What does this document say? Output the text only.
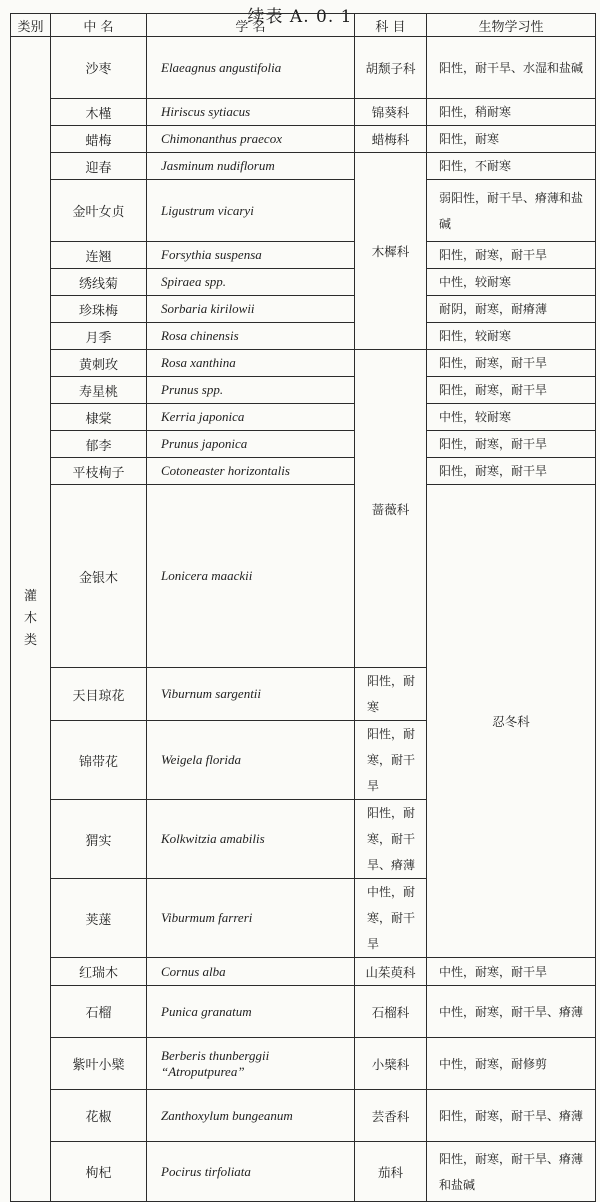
续表 A. 0. 1
类别	中 名	学 名	科 目	生物学习性	
灌木类	沙枣	Elaeagnus angustifolia	胡颓子科	阳性，耐干旱、水湿和盐碱	
	木槿	Hiriscus sytiacus	锦葵科	阳性，稍耐寒	
	蜡梅	Chimonanthus praecox	蜡梅科	阳性，耐寒	
	迎春	Jasminum nudiflorum	木樨科	阳性，不耐寒	
	金叶女贞	Ligustrum vicaryi		弱阳性，耐干旱、瘠薄和盐碱	
	连翘	Forsythia suspensa		阳性，耐寒，耐干旱	
	绣线菊	Spiraea spp.		中性，较耐寒	
	珍珠梅	Sorbaria kirilowii		耐阴，耐寒，耐瘠薄	
	月季	Rosa chinensis		阳性，较耐寒	
	黄刺玫	Rosa xanthina	蔷薇科	阳性，耐寒，耐干旱	
	寿星桃	Prunus spp.		阳性，耐寒，耐干旱	
	棣棠	Kerria japonica		中性，较耐寒	
	郁李	Prunus japonica		阳性，耐寒，耐干旱	
	平枝栒子	Cotoneaster horizontalis		阳性，耐寒，耐干旱	
	金银木	Lonicera maackii		忍冬科	
	天目琼花	Viburnum sargentii	阳性，耐寒		
	锦带花	Weigela florida	阳性，耐寒，耐干旱		
	猬实	Kolkwitzia amabilis	阳性，耐寒，耐干旱、瘠薄		
	荚蒾	Viburmum farreri	中性，耐寒，耐干旱		
	红瑞木	Cornus alba	山茱萸科	中性，耐寒，耐干旱	
	石榴	Punica granatum	石榴科	中性，耐寒，耐干旱、瘠薄	
	紫叶小檗	Berberis thunberggii “Atroputpurea”	小檗科	中性，耐寒，耐修剪	
	花椒	Zanthoxylum bungeanum	芸香科	阳性，耐寒，耐干旱、瘠薄	
	枸杞	Pocirus tirfoliata	茄科	阳性，耐寒，耐干旱、瘠薄和盐碱	
